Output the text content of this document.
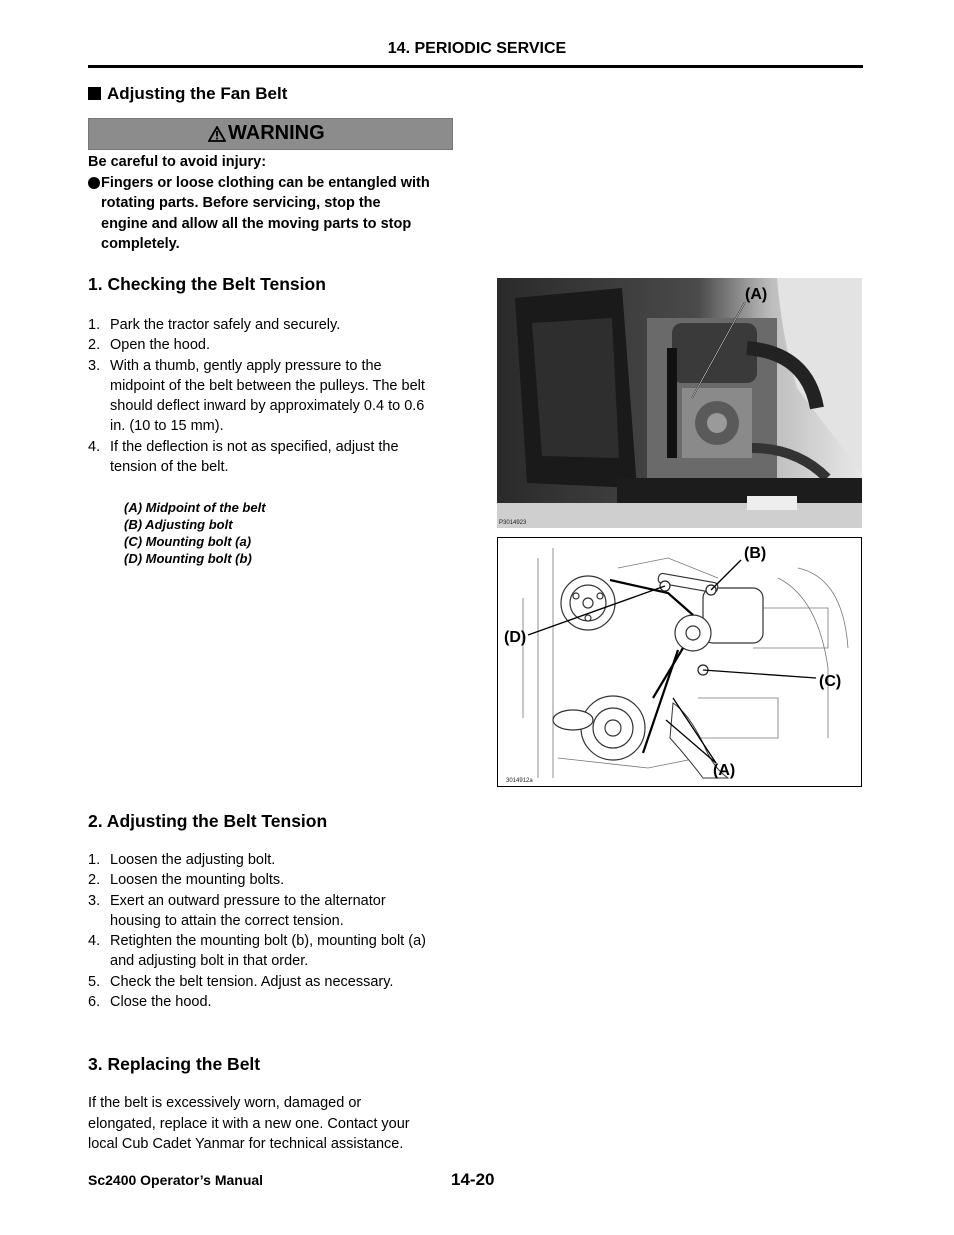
14. PERIODIC SERVICE
Adjusting the Fan Belt
WARNING
Be careful to avoid injury:
Fingers or loose clothing can be entangled with
rotating parts. Before servicing, stop the
engine and allow all the moving parts to stop
completely.
1. Checking the Belt Tension
1. Park the tractor safely and securely.
2. Open the hood.
3. With a thumb, gently apply pressure to the
midpoint of the belt between the pulleys. The belt
should deflect inward by approximately 0.4 to 0.6
in. (10 to 15 mm).
4. If the deflection is not as specified, adjust the
tension of the belt.
(A) Midpoint of the belt
(B) Adjusting bolt
(C) Mounting bolt (a)
(D) Mounting bolt (b)
(A)
P3014923
(B)
(D)
(C)
(A)
3014912a
2. Adjusting the Belt Tension
1. Loosen the adjusting bolt.
2. Loosen the mounting bolts.
3. Exert an outward pressure to the alternator
housing to attain the correct tension.
4. Retighten the mounting bolt (b), mounting bolt (a)
and adjusting bolt in that order.
5. Check the belt tension. Adjust as necessary.
6. Close the hood.
3. Replacing the Belt
If the belt is excessively worn, damaged or
elongated, replace it with a new one. Contact your
local Cub Cadet Yanmar for technical assistance.
Sc2400 Operator’s Manual	14-20
